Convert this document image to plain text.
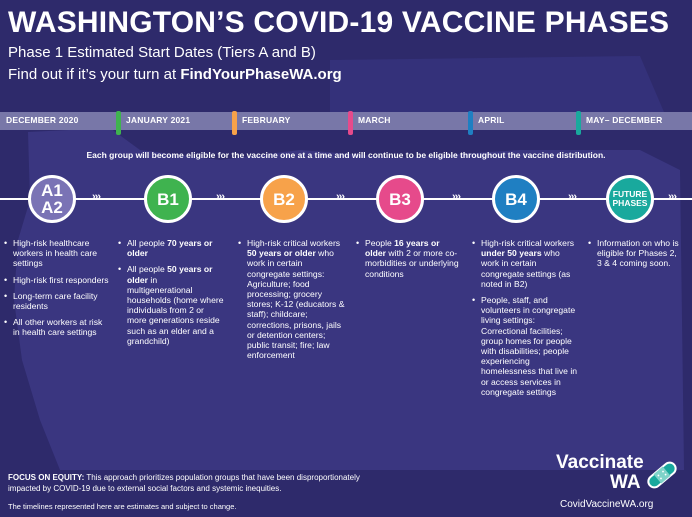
WASHINGTON’S COVID-19 VACCINE PHASES
Phase 1 Estimated Start Dates (Tiers A and B)
Find out if it’s your turn at FindYourPhaseWA.org
DECEMBER 2020	JANUARY 2021	FEBRUARY	MARCH	APRIL	MAY– DECEMBER
Each group will become eligible for the vaccine one at a time and will continue to be eligible throughout the vaccine distribution.
›››	›››	›››	›››	›››	›››
A1
A2	B1	B2	B3	B4	FUTURE
PHASES
• High-risk healthcare workers in health care settings
• High-risk first responders
• Long-term care facility residents
• All other workers at risk in health care settings
• All people 70 years or older
• All people 50 years or older in multigenerational households (home where individuals from 2 or more generations reside such as an elder and a grandchild)
• High-risk critical workers 50 years or older who work in certain congregate settings: Agriculture; food processing; grocery stores; K-12 (educators & staff); childcare; corrections, prisons, jails or detention centers; public transit; fire; law enforcement
• People 16 years or older with 2 or more co-morbidities or underlying conditions
• High-risk critical workers under 50 years who work in certain congregate settings (as noted in B2)
• People, staff, and volunteers in congregate living settings: Correctional facilities; group homes for people with disabilities; people experiencing homelessness that live in or access services in congregate settings
• Information on who is eligible for Phases 2, 3 & 4 coming soon.
FOCUS ON EQUITY: This approach prioritizes population groups that have been disproportionately impacted by COVID-19 due to external social factors and systemic inequities.
The timelines represented here are estimates and subject to change.
Vaccinate
WA
CovidVaccineWA.org
